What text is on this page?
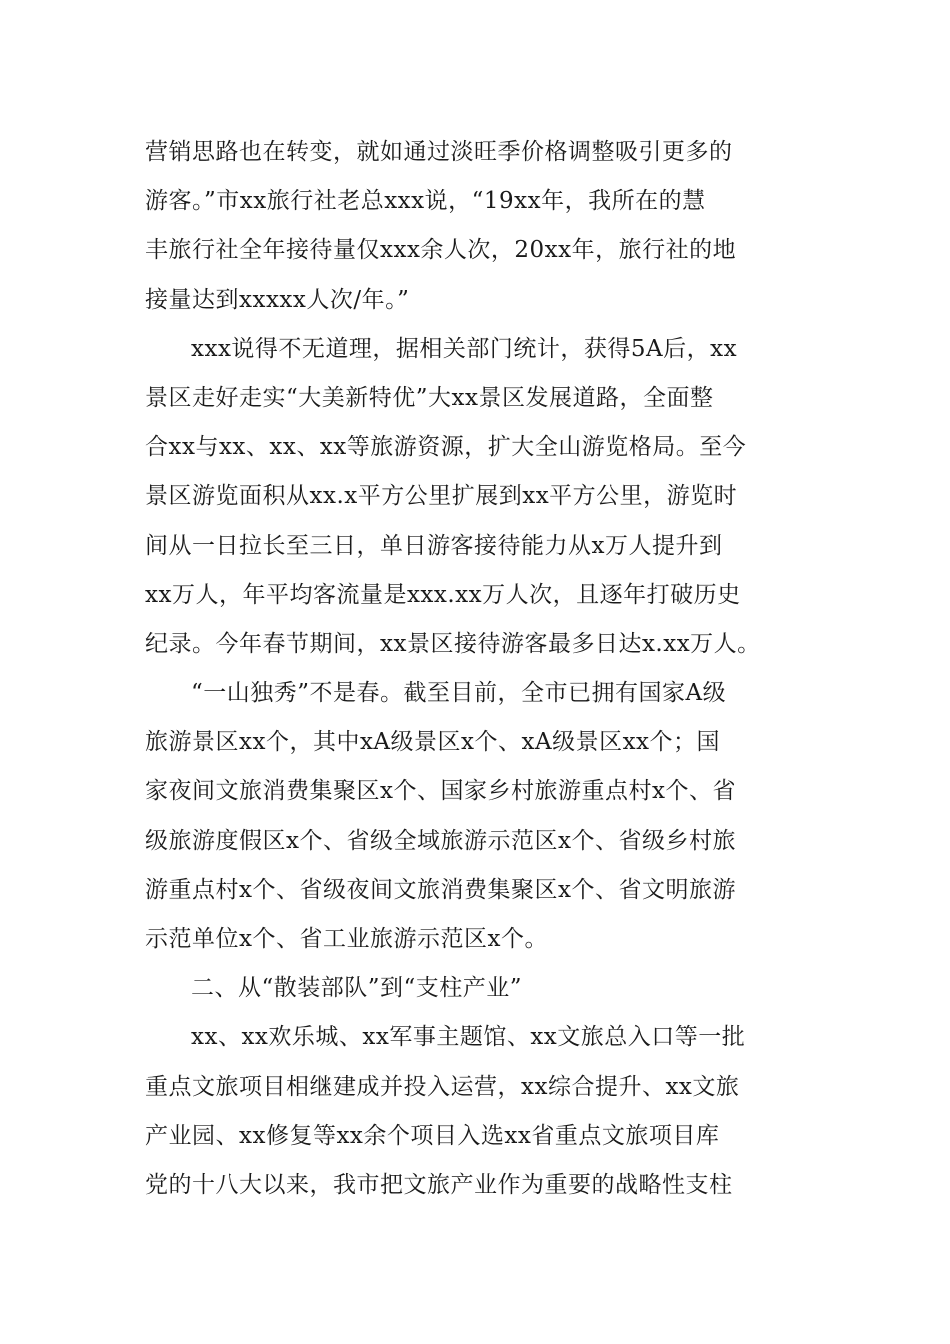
营销思路也在转变，就如通过淡旺季价格调整吸引更多的
游客。”市xx旅行社老总xxx说，“19xx年，我所在的慧
丰旅行社全年接待量仅xxx余人次，20xx年，旅行社的地
接量达到xxxxx人次/年。”
xxx说得不无道理，据相关部门统计，获得5A后，xx
景区走好走实“大美新特优”大xx景区发展道路，全面整
合xx与xx、xx、xx等旅游资源，扩大全山游览格局。至今
景区游览面积从xx.x平方公里扩展到xx平方公里，游览时
间从一日拉长至三日，单日游客接待能力从x万人提升到
xx万人，年平均客流量是xxx.xx万人次，且逐年打破历史
纪录。今年春节期间，xx景区接待游客最多日达x.xx万人。
“一山独秀”不是春。截至目前，全市已拥有国家A级
旅游景区xx个，其中xA级景区x个、xA级景区xx个；国
家夜间文旅消费集聚区x个、国家乡村旅游重点村x个、省
级旅游度假区x个、省级全域旅游示范区x个、省级乡村旅
游重点村x个、省级夜间文旅消费集聚区x个、省文明旅游
示范单位x个、省工业旅游示范区x个。
二、从“散装部队”到“支柱产业”
xx、xx欢乐城、xx军事主题馆、xx文旅总入口等一批
重点文旅项目相继建成并投入运营，xx综合提升、xx文旅
产业园、xx修复等xx余个项目入选xx省重点文旅项目库
党的十八大以来，我市把文旅产业作为重要的战略性支柱
